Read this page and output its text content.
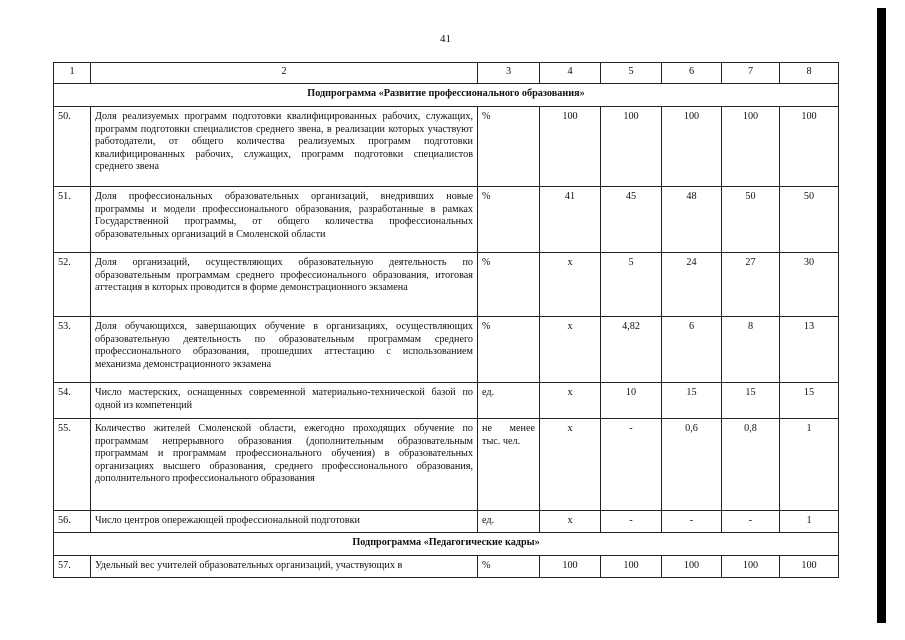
41
1	2	3	4	5	6	7	8
Подпрограмма «Развитие профессионального образования»							
50.	Доля реализуемых программ подготовки квалифицированных рабочих, служащих, программ подготовки специалистов среднего звена, в реализации которых участвуют работодатели, от общего количества реализуемых программ подготовки квалифицированных рабочих, служащих, программ подготовки специалистов среднего звена	%	100	100	100	100	100
51.	Доля профессиональных образовательных организаций, внедривших новые программы и модели профессионального образования, разработанные в рамках Государственной программы, от общего количества профессиональных образовательных организаций в Смоленской области	%	41	45	48	50	50
52.	Доля организаций, осуществляющих образовательную деятельность по образовательным программам среднего профессионального образования, итоговая аттестация в которых проводится в форме демонстрационного экзамена	%	х	5	24	27	30
53.	Доля обучающихся, завершающих обучение в организациях, осуществляющих образовательную деятельность по образовательным программам среднего профессионального образования, прошедших аттестацию с использованием механизма демонстрационного экзамена	%	х	4,82	6	8	13
54.	Число мастерских, оснащенных современной материально-технической базой по одной из компетенций	ед.	х	10	15	15	15
55.	Количество жителей Смоленской области, ежегодно проходящих обучение по программам непрерывного образования (дополнительным образовательным программам и программам профессионального обучения) в образовательных организациях высшего образования, среднего профессионального образования, дополнительного профессионального образования	не менее тыс. чел.	х	-	0,6	0,8	1
56.	Число центров опережающей профессиональной подготовки	ед.	х	-	-	-	1
Подпрограмма «Педагогические кадры»							
57.	Удельный вес учителей образовательных организаций, участвующих в	%	100	100	100	100	100
